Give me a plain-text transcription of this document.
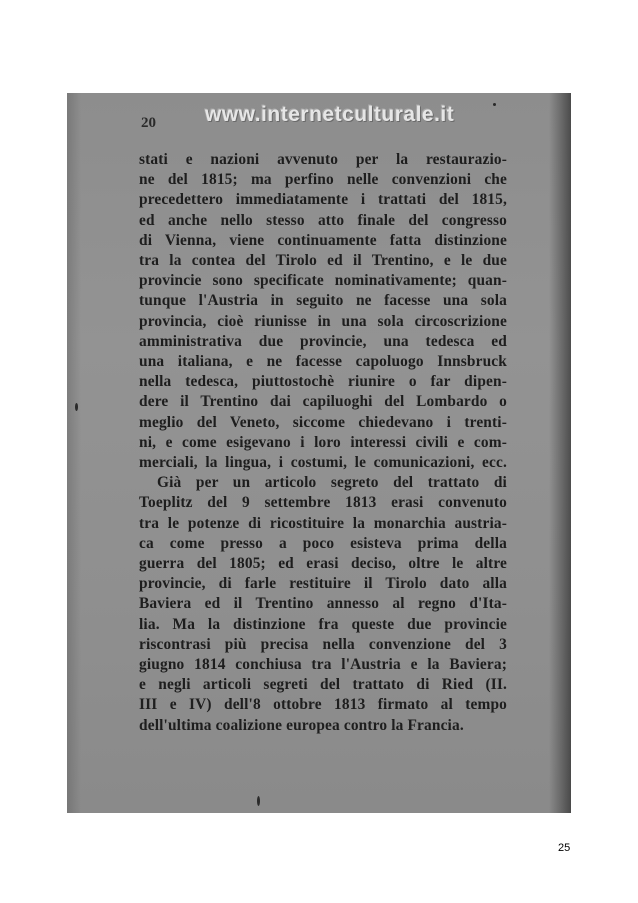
www.internetculturale.it
20
stati e nazioni avvenuto per la restaurazio-
ne del 1815; ma perfino nelle convenzioni che
precedettero immediatamente i trattati del 1815,
ed anche nello stesso atto finale del congresso
di Vienna, viene continuamente fatta distinzione
tra la contea del Tirolo ed il Trentino, e le due
provincie sono specificate nominativamente; quan-
tunque l'Austria in seguito ne facesse una sola
provincia, cioè riunisse in una sola circoscrizione
amministrativa due provincie, una tedesca ed
una italiana, e ne facesse capoluogo Innsbruck
nella tedesca, piuttostochè riunire o far dipen-
dere il Trentino dai capiluoghi del Lombardo o
meglio del Veneto, siccome chiedevano i trenti-
ni, e come esigevano i loro interessi civili e com-
merciali, la lingua, i costumi, le comunicazioni, ecc.
Già per un articolo segreto del trattato di
Toeplitz del 9 settembre 1813 erasi convenuto
tra le potenze di ricostituire la monarchia austria-
ca come presso a poco esisteva prima della
guerra del 1805; ed erasi deciso, oltre le altre
provincie, di farle restituire il Tirolo dato alla
Baviera ed il Trentino annesso al regno d'Ita-
lia. Ma la distinzione fra queste due provincie
riscontrasi più precisa nella convenzione del 3
giugno 1814 conchiusa tra l'Austria e la Baviera;
e negli articoli segreti del trattato di Ried (II.
III e IV) dell'8 ottobre 1813 firmato al tempo
dell'ultima coalizione europea contro la Francia.
25
